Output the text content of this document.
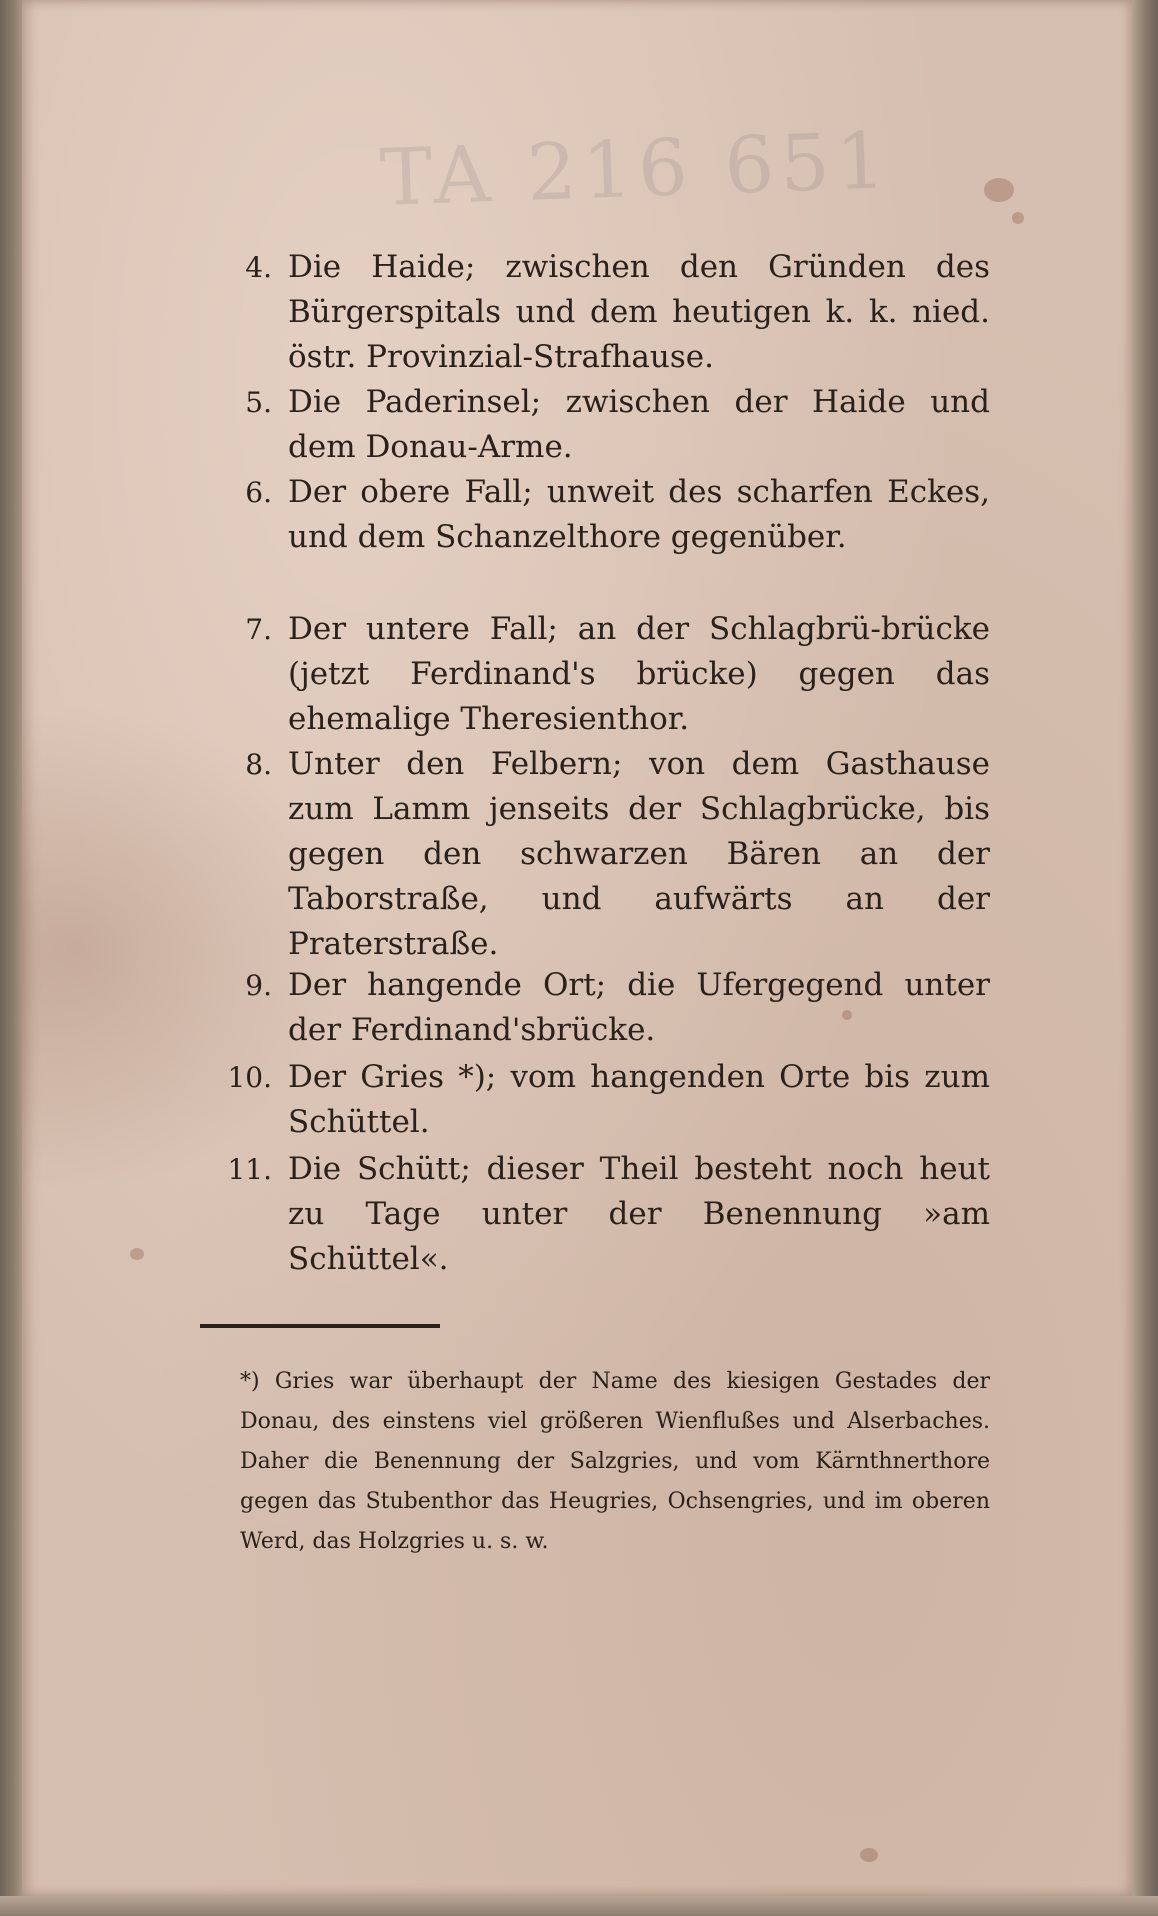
TA 216 651
4. Die Haide; zwischen den Gründen des Bürgerspitals und dem heutigen k. k. nied. östr. Provinzial-Strafhause.
5. Die Paderinsel; zwischen der Haide und dem Donau-Arme.
6. Der obere Fall; unweit des scharfen Eckes, und dem Schanzelthore gegenüber.
7. Der untere Fall; an der Schlagbrü-brücke (jetzt Ferdinand's brücke) gegen das ehemalige Theresienthor.
8. Unter den Felbern; von dem Gasthause zum Lamm jenseits der Schlagbrücke, bis gegen den schwarzen Bären an der Taborstraße, und aufwärts an der Praterstraße.
9. Der hangende Ort; die Ufergegend unter der Ferdinand'sbrücke.
10. Der Gries *); vom hangenden Orte bis zum Schüttel.
11. Die Schütt; dieser Theil besteht noch heut zu Tage unter der Benennung »am Schüttel«.
*) Gries war überhaupt der Name des kiesigen Gestades der Donau, des einstens viel größeren Wienflußes und Alserbaches. Daher die Benennung der Salzgries, und vom Kärnthnerthore gegen das Stubenthor das Heugries, Ochsengries, und im oberen Werd, das Holzgries u. s. w.
